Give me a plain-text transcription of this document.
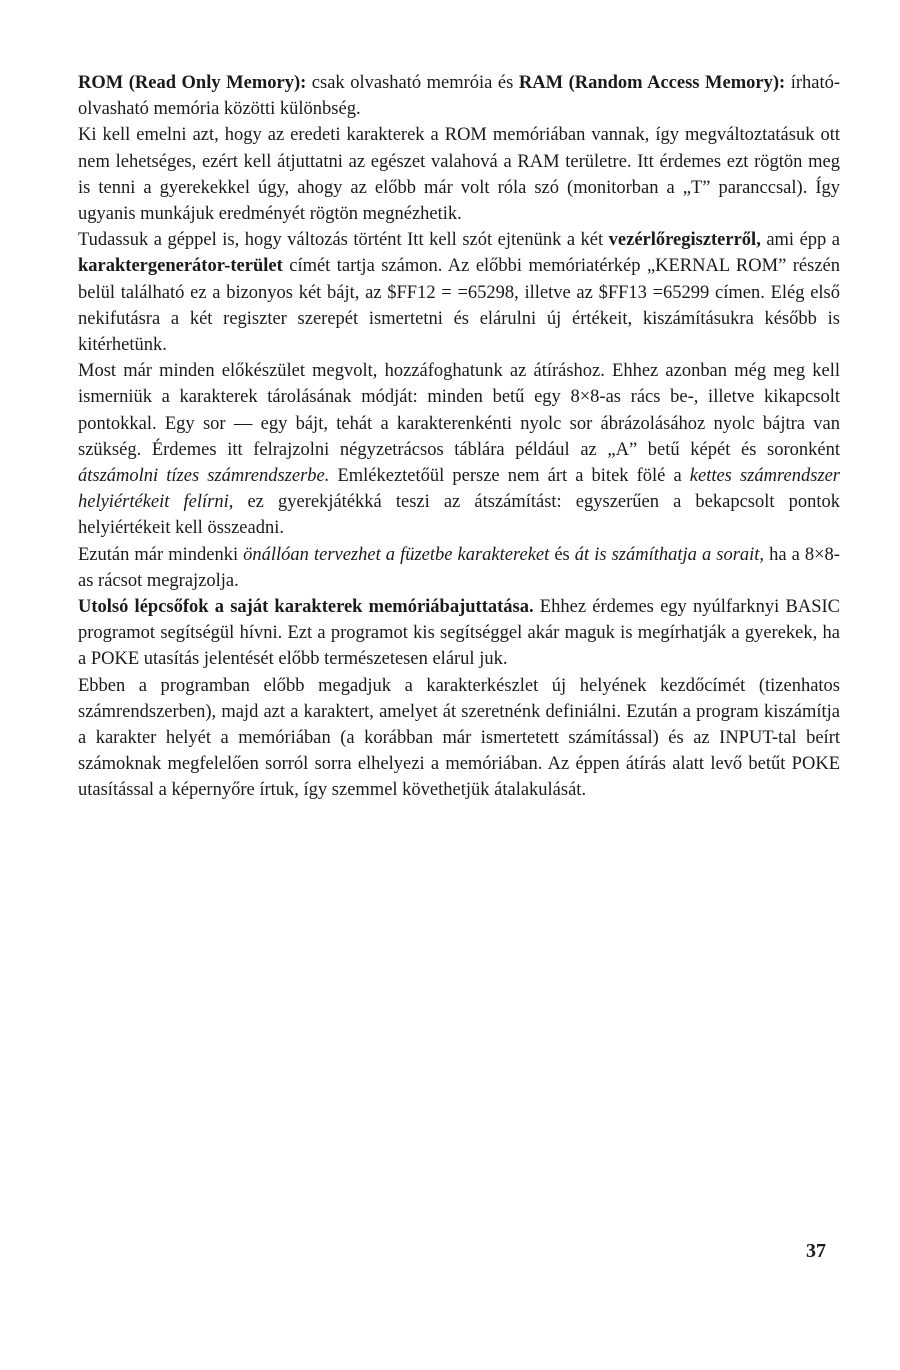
ROM (Read Only Memory): csak olvasható memróia és RAM (Random Access Memory): írható-olvasható memória közötti különbség.

Ki kell emelni azt, hogy az eredeti karakterek a ROM memóriában vannak, így megváltoztatásuk ott nem lehetséges, ezért kell átjuttatni az egészet valahová a RAM területre. Itt érdemes ezt rögtön meg is tenni a gyerekekkel úgy, ahogy az előbb már volt róla szó (monitorban a „T” paranccsal). Így ugyanis munkájuk eredményét rögtön megnézhetik.

Tudassuk a géppel is, hogy változás történt Itt kell szót ejtenünk a két vezérlőregiszterről, ami épp a karaktergenerátor-terület címét tartja számon. Az előbbi memóriatérkép „KERNAL ROM” részén belül található ez a bizonyos két bájt, az $FF12 = =65298, illetve az $FF13 =65299 címen. Elég első nekifutásra a két regiszter szerepét ismertetni és elárulni új értékeit, kiszámításukra később is kitérhetünk.

Most már minden előkészület megvolt, hozzáfoghatunk az átíráshoz. Ehhez azonban még meg kell ismerniük a karakterek tárolásának módját: minden betű egy 8×8-as rács be-, illetve kikapcsolt pontokkal. Egy sor — egy bájt, tehát a karakterenkénti nyolc sor ábrázolásához nyolc bájtra van szükség. Érdemes itt felrajzolni négyzetrácsos táblára például az „A” betű képét és soronként átszámolni tízes számrendszerbe. Emlékeztetőül persze nem árt a bitek fölé a kettes számrendszer helyiértékeit felírni, ez gyerekjátékká teszi az átszámítást: egyszerűen a bekapcsolt pontok helyiértékeit kell összeadni.

Ezután már mindenki önállóan tervezhet a füzetbe karaktereket és át is számíthatja a sorait, ha a 8×8-as rácsot megrajzolja.

Utolsó lépcsőfok a saját karakterek memóriábajuttatása. Ehhez érdemes egy nyúlfarknyi BASIC programot segítségül hívni. Ezt a programot kis segítséggel akár maguk is megírhatják a gyerekek, ha a POKE utasítás jelentését előbb természetesen elárul juk.

Ebben a programban előbb megadjuk a karakterkészlet új helyének kezdőcímét (tizenhatos számrendszerben), majd azt a karaktert, amelyet át szeretnénk definiálni. Ezután a program kiszámítja a karakter helyét a memóriában (a korábban már ismertetett számítással) és az INPUT-tal beírt számoknak megfelelően sorról sorra elhelyezi a memóriában. Az éppen átírás alatt levő betűt POKE utasítással a képernyőre írtuk, így szemmel követhetjük átalakulását.

37
